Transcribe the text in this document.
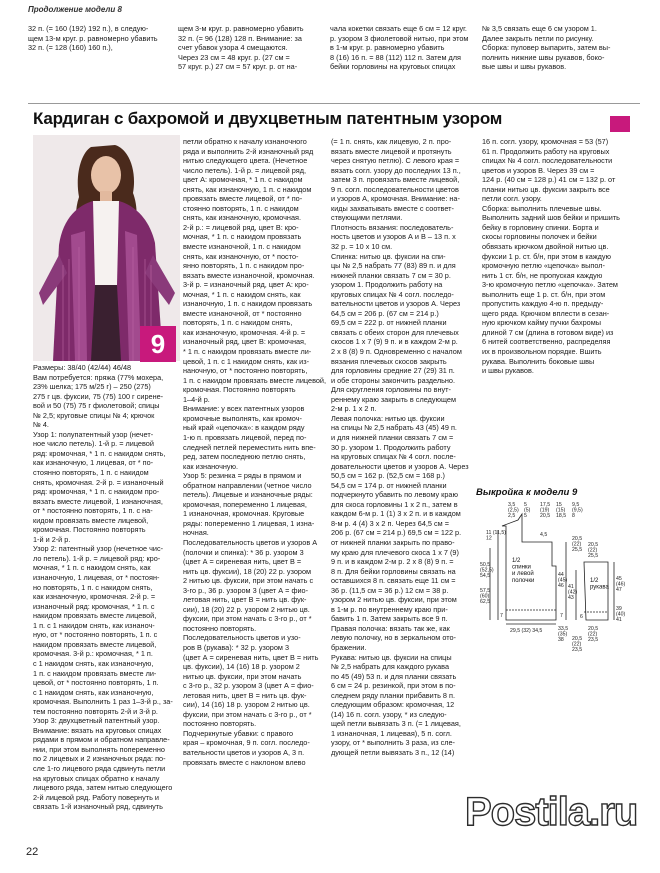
Продолжение модели 8
32 п. (= 160 (192) 192 п.), в следую-
щем 13-м круг. р. равномерно убавить
32 п. (= 128 (160) 160 п.),
щем 3-м круг. р. равномерно убавить
32 п. (= 96 (128) 128 п. Внимание: за
счет убавок узора 4 смещаются.
Через 23 см = 48 круг. р. (27 см =
57 круг. р.) 27 см = 57 круг. р. от на-
чала кокетки связать еще 6 см = 12 круг.
р. узором 3 фиолетовой нитью, при этом
в 1-м круг. р. равномерно убавить
8 (16) 16 п. = 88 (112) 112 п. Затем для
бейки горловины на круговых спицах
№ 3,5 связать еще 6 см узором 1.
Далее закрыть петли по рисунку.
Сборка: пуловер выпарить, затем вы-
полнить нижние швы рукавов, боко-
вые швы и швы рукавов.
Кардиган с бахромой и двухцветным патентным узором
9
Размеры: 38/40 (42/44) 46/48
Вам потребуется: пряжа (77% мохера,
23% шелка; 175 м/25 г) – 250 (275)
275 г цв. фуксии, 75 (75) 100 г сирене-
вой и 50 (75) 75 г фиолетовой; спицы
№ 2,5; круговые спицы № 4; крючок
№ 4.
Узор 1: полупатентный узор (нечет-
ное число петель). 1-й р. = лицевой
ряд: кромочная, * 1 п. с накидом снять,
как изнаночную, 1 лицевая, от * по-
стоянно повторять, 1 п. с накидом
снять, кромочная. 2-й р. = изнаночный
ряд: кромочная, * 1 п. с накидом про-
вязать вместе лицевой, 1 изнаночная,
от * постоянно повторять, 1 п. с на-
кидом провязать вместе лицевой,
кромочная. Постоянно повторять
1-й и 2-й р.
Узор 2: патентный узор (нечетное чис-
ло петель). 1-й р. = лицевой ряд: кро-
мочная, * 1 п. с накидом снять, как
изнаночную, 1 лицевая, от * постоян-
но повторять, 1 п. с накидом снять,
как изнаночную, кромочная. 2-й р. =
изнаночный ряд: кромочная, * 1 п. с
накидом провязать вместе лицевой,
1 п. с 1 накидом снять, как изнаноч-
ную, от * постоянно повторять, 1 п. с
накидом провязать вместе лицевой,
кромочная. 3-й р.: кромочная, * 1 п.
с 1 накидом снять, как изнаночную,
1 п. с накидом провязать вместе ли-
цевой, от * постоянно повторять, 1 п.
с 1 накидом снять, как изнаночную,
кромочная. Выполнить 1 раз 1–3-й р., за-
тем постоянно повторять 2-й и 3-й р.
Узор 3: двухцветный патентный узор.
Внимание: вязать на круговых спицах
рядами в прямом и обратном направле-
нии, при этом выполнять попеременно
по 2 лицевых и 2 изнаночных ряда: по-
сле 1-го лицевого ряда сдвинуть петли
на круговых спицах обратно к началу
лицевого ряда, затем нитью следующего
2-й лицевой ряд. Работу повернуть и
связать 1-й изнаночный ряд, сдвинуть
петли обратно к началу изнаночного
ряда и выполнить 2-й изнаночный ряд
нитью следующего цвета. (Нечетное
число петель). 1-й р. = лицевой ряд,
цвет А: кромочная, * 1 п. с накидом
снять, как изнаночную, 1 п. с накидом
провязать вместе лицевой, от * по-
стоянно повторять, 1 п. с накидом
снять, как изнаночную, кромочная.
2-й р.: = лицевой ряд, цвет В: кро-
мочная, * 1 п. с накидом провязать
вместе изнаночной, 1 п. с накидом
снять, как изнаночную, от * посто-
янно повторять, 1 п. с накидом про-
вязать вместе изнаночной, кромочная.
3-й р. = изнаночный ряд, цвет А: кро-
мочная, * 1 п. с накидом снять, как
изнаночную, 1 п. с накидом провязать
вместе изнаночной, от * постоянно
повторять, 1 п. с накидом снять,
как изнаночную, кромочная. 4-й р. =
изнаночный ряд, цвет В: кромочная,
* 1 п. с накидом провязать вместе ли-
цевой, 1 п. с 1 накидом снять, как из-
наночную, от * постоянно повторять,
1 п. с накидом провязать вместе лицевой,
кромочная. Постоянно повторять
1–4-й р.
Внимание: у всех патентных узоров
кромочные выполнять, как кромоч-
ный край «цепочка»: в каждом ряду
1-ю п. провязать лицевой, перед по-
следней петлей переместить нить впе-
ред, затем последнюю петлю снять,
как изнаночную.
Узор 5: резинка = ряды в прямом и
обратном направлении (четное число
петель). Лицевые и изнаночные ряды:
кромочная, попеременно 1 лицевая,
1 изнаночная, кромочная. Круговые
ряды: попеременно 1 лицевая, 1 изна-
ночная.
Последовательность цветов и узоров А
(полочки и спинка): * 36 р. узором 3
(цвет А = сиреневая нить, цвет В =
нить цв. фуксии), 18 (20) 22 р. узором
2 нитью цв. фуксии, при этом начать с
3-го р., 36 р. узором 3 (цвет А = фио-
летовая нить, цвет В = нить цв. фук-
сии), 18 (20) 22 р. узором 2 нитью цв.
фуксии, при этом начать с 3-го р., от *
постоянно повторять.
Последовательность цветов и узо-
ров В (рукава): * 32 р. узором 3
(цвет А = сиреневая нить, цвет В = нить
цв. фуксии), 14 (16) 18 р. узором 2
нитью цв. фуксии, при этом начать
с 3-го р., 32 р. узором 3 (цвет А = фио-
летовая нить, цвет В = нить цв. фук-
сии), 14 (16) 18 р. узором 2 нитью цв.
фуксии, при этом начать с 3-го р., от *
постоянно повторять.
Подчеркнутые убавки: с правого
края – кромочная, 9 п. согл. последо-
вательности цветов и узоров А, 3 п.
провязать вместе с наклоном влево
(= 1 п. снять, как лицевую, 2 п. про-
вязать вместе лицевой и протянуть
через снятую петлю). С левого края =
вязать согл. узору до последних 13 п.,
затем 3 п. провязать вместе лицевой,
9 п. согл. последовательности цветов
и узоров А, кромочная. Внимание: на-
киды захватывать вместе с соответ-
ствующими петлями.
Плотность вязания: последователь-
ность цветов и узоров А и В – 13 п. х
32 р. = 10 х 10 см.
Спинка: нитью цв. фуксии на спи-
цы № 2,5 набрать 77 (83) 89 п. и для
нижней планки связать 7 см = 30 р.
узором 1. Продолжить работу на
круговых спицах № 4 согл. последо-
вательности цветов и узоров А. Через
64,5 см = 206 р. (67 см = 214 р.)
69,5 см = 222 р. от нижней планки
связать с обеих сторон для плечевых
скосов 1 х 7 (9) 9 п. и в каждом 2-м р.
2 х 8 (8) 9 п. Одновременно с началом
вязания плечевых скосов закрыть
для горловины средние 27 (29) 31 п.
и обе стороны закончить раздельно.
Для скругления горловины по внут-
реннему краю закрыть в следующем
2-м р. 1 х 2 п.
Левая полочка: нитью цв. фуксии
на спицы № 2,5 набрать 43 (45) 49 п.
и для нижней планки связать 7 см =
30 р. узором 1. Продолжить работу
на круговых спицах № 4 согл. после-
довательности цветов и узоров А. Через
50,5 см = 162 р. (52,5 см = 168 р.)
54,5 см = 174 р. от нижней планки
подчеркнуто убавить по левому краю
для скоса горловины 1 х 2 п., затем в
каждом 6-м р. 1 (1) 3 х 2 п. и в каждом
8-м р. 4 (4) 3 х 2 п. Через 64,5 см =
206 р. (67 см = 214 р.) 69,5 см = 122 р.
от нижней планки закрыть по право-
му краю для плечевого скоса 1 х 7 (9)
9 п. и в каждом 2-м р. 2 х 8 (8) 9 п. =
8 п. Для бейки горловины связать на
оставшихся 8 п. связать еще 11 см =
36 р. (11,5 см = 36 р.) 12 см = 38 р.
узором 2 нитью цв. фуксии, при этом
в 1-м р. по внутреннему краю при-
бавить 1 п. Затем закрыть все 9 п.
Правая полочка: вязать так же, как
левую полочку, но в зеркальном ото-
бражении.
Рукава: нитью цв. фуксии на спицы
№ 2,5 набрать для каждого рукава
по 45 (49) 53 п. и для планки связать
6 см = 24 р. резинкой, при этом в по-
следнем ряду планки прибавить 8 п.
следующим образом: кромочная, 12
(14) 16 п. согл. узору, * из следую-
щей петли вывязать 3 п. (= 1 лицевая,
1 изнаночная, 1 лицевая), 5 п. согл.
узору, от * выполнить 3 раза, из сле-
дующей петли вывязать 3 п., 12 (14)
16 п. согл. узору, кромочная = 53 (57)
61 п. Продолжить работу на круговых
спицах № 4 согл. последовательности
цветов и узоров В. Через 39 см =
124 р. (40 см = 128 р.) 41 см = 132 р. от
планки нитью цв. фуксии закрыть все
петли согл. узору.
Сборка: выполнить плечевые швы.
Выполнить задний шов бейки и пришить
бейку в горловину спинки. Борта и
скосы горловины полочек и бейки
обвязать крючком двойной нитью цв.
фуксии 1 р. ст. б/н, при этом в каждую
кромочную петлю «цепочка» выпол-
нить 1 ст. б/н, не пропуская каждую
3-ю кромочную петлю «цепочка». Затем
выполнить еще 1 р. ст. б/н, при этом
пропустить каждую 4-ю п. предыду-
щего ряда. Крючком вплести в сезан-
ную крючком кайму пучки бахромы
длиной 7 см (длина в готовом виде) из
6 нитей соответственно, распределяя
их в произвольном порядке. Вшить
рукава. Выполнить боковые швы
и швы рукавов.
Выкройка к модели 9
3,5 (2,5) 2,5
5 (5) 5
17,5 (19) 20,5
15 (15) 18,5
9,5 (9,5) 8
11 (11,5) 12
4,5
50,5 (52,5) 54,5
57,5 (60) 62,5
44 (45) 46 41 (42) 43
20,5 (22) 25,5
45 (46) 47
39 (40) 41
6
20,5 (22) 23,5
7	7
29,5 (32) 34,5	33,5 (35) 38
20,5 (22) 25,5
20,5 (22) 23,5
1/2 спинки и левой полочки	1/2 рукава
22
Postila.ru
